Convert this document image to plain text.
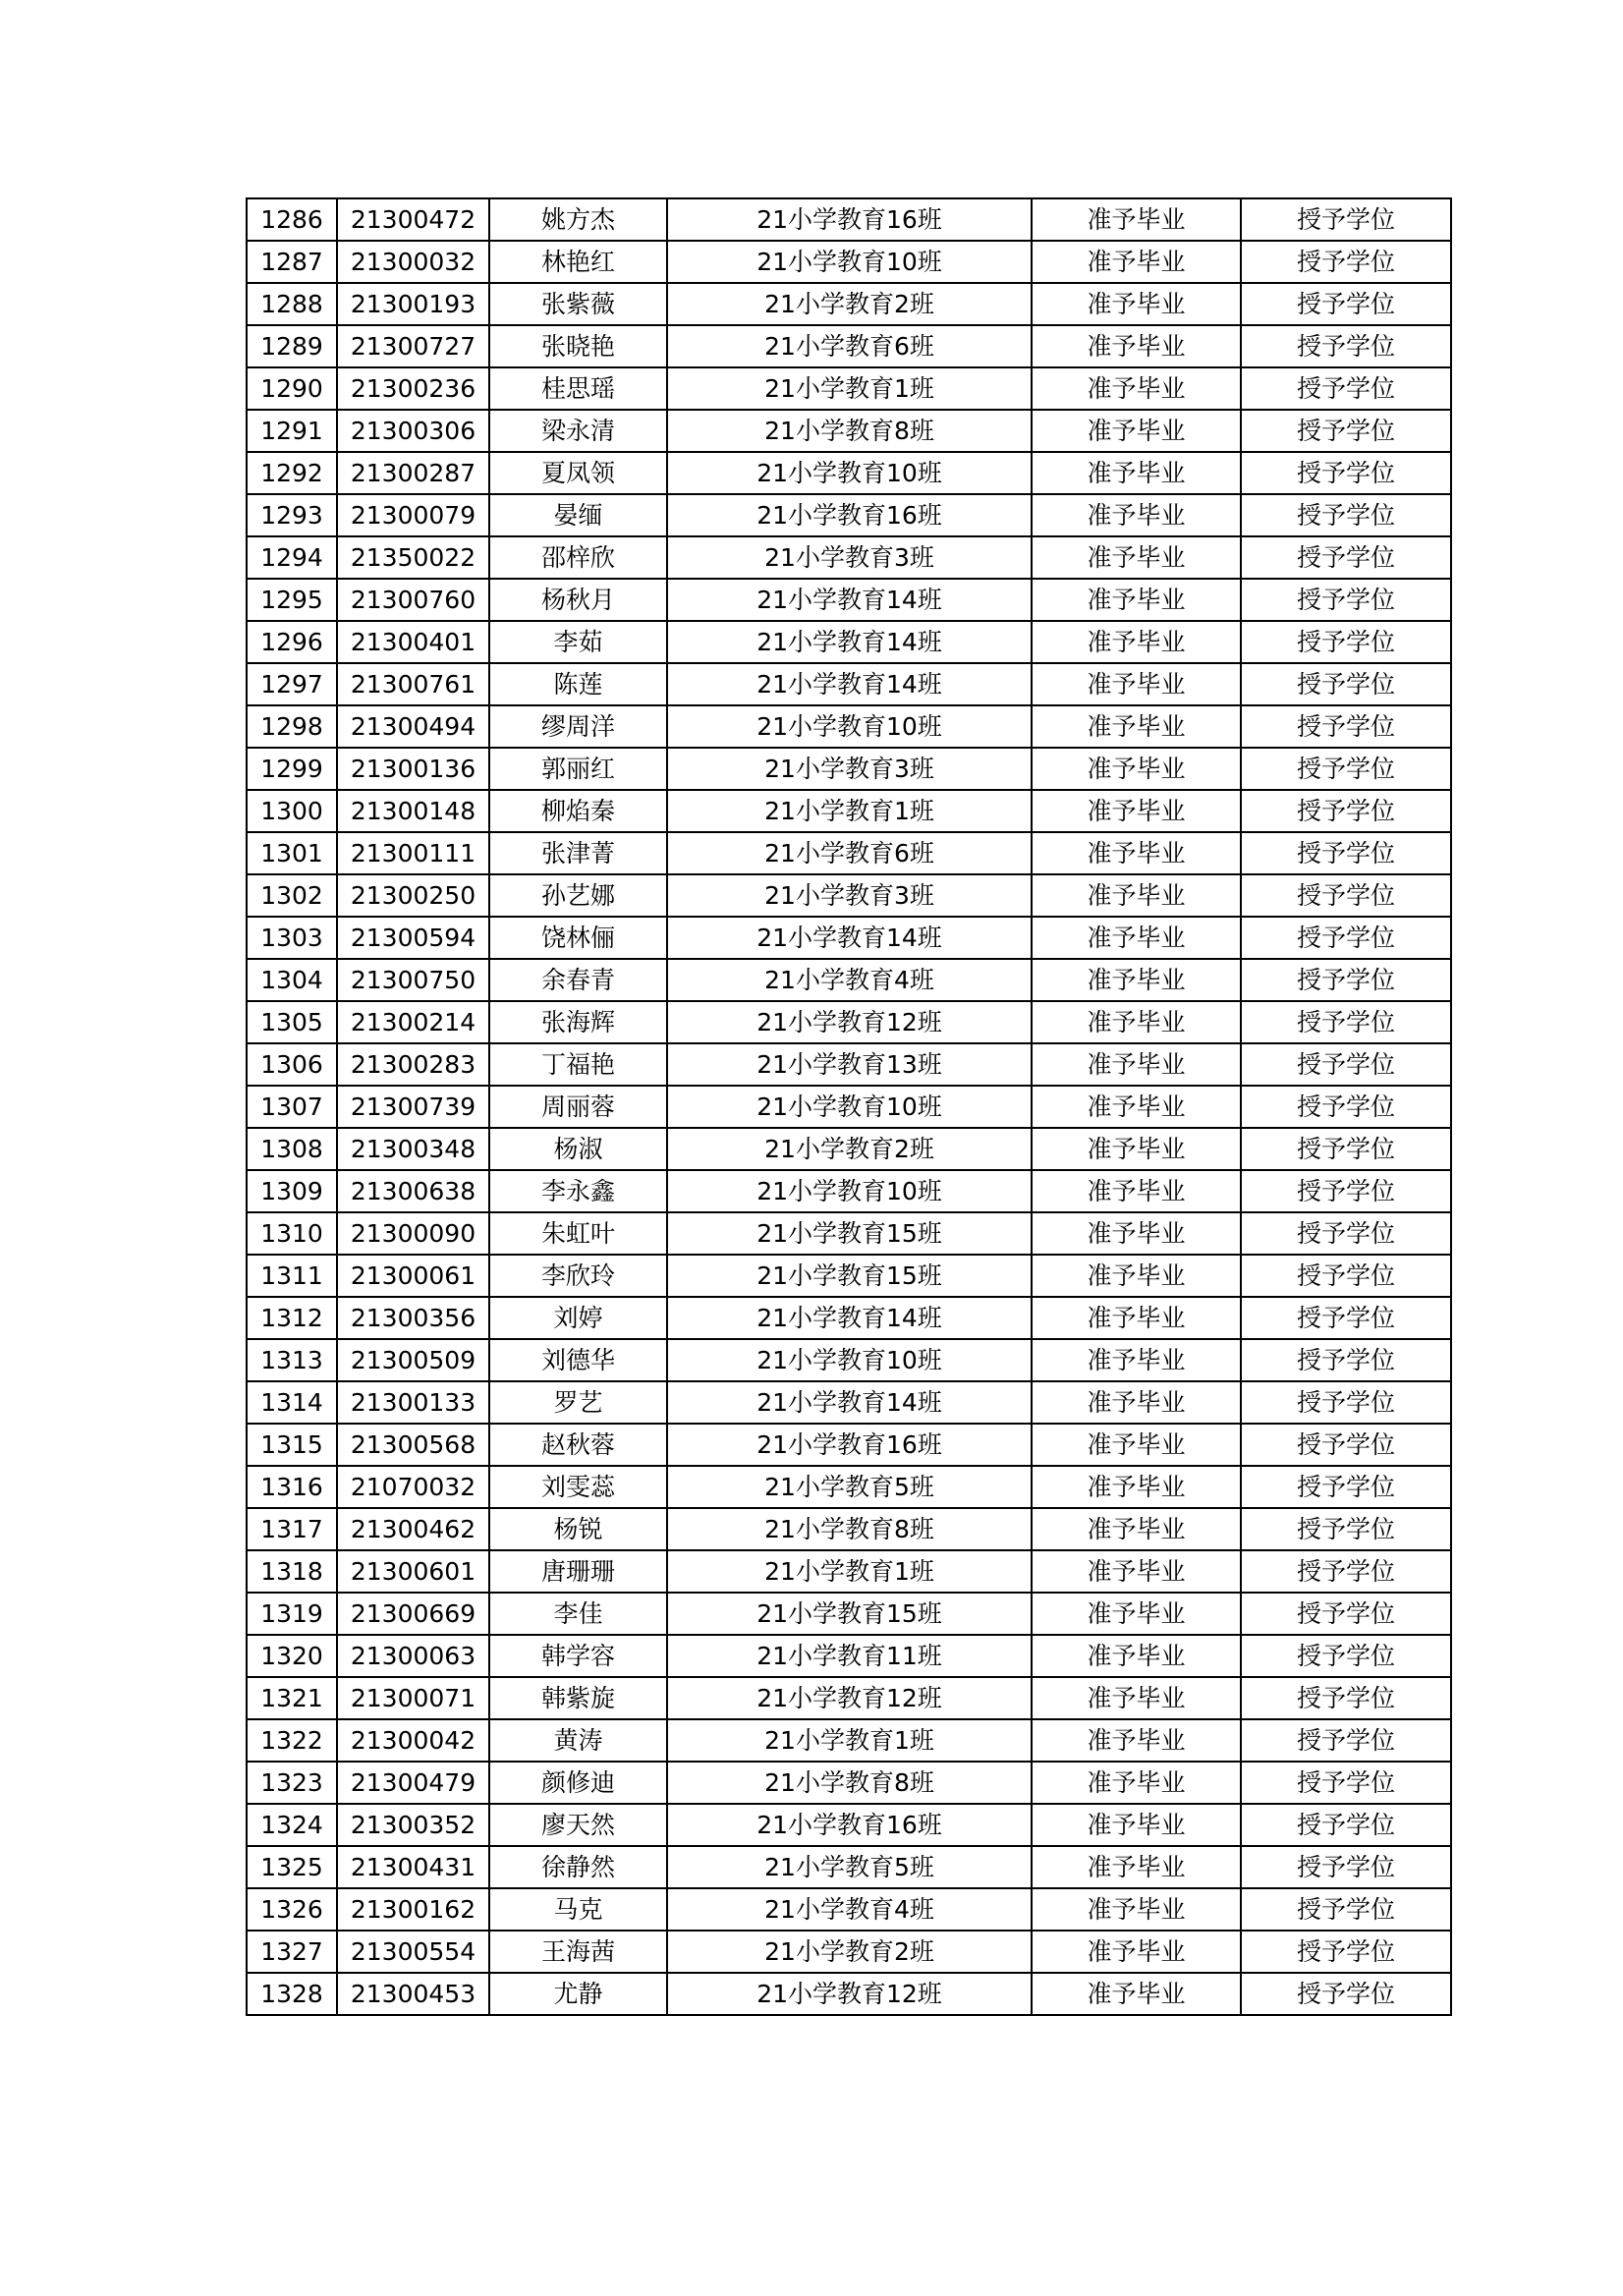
1286	21300472	姚方杰	21小学教育16班	准予毕业	授予学位
1287	21300032	林艳红	21小学教育10班	准予毕业	授予学位
1288	21300193	张紫薇	21小学教育2班	准予毕业	授予学位
1289	21300727	张晓艳	21小学教育6班	准予毕业	授予学位
1290	21300236	桂思瑶	21小学教育1班	准予毕业	授予学位
1291	21300306	梁永清	21小学教育8班	准予毕业	授予学位
1292	21300287	夏凤领	21小学教育10班	准予毕业	授予学位
1293	21300079	晏缅	21小学教育16班	准予毕业	授予学位
1294	21350022	邵梓欣	21小学教育3班	准予毕业	授予学位
1295	21300760	杨秋月	21小学教育14班	准予毕业	授予学位
1296	21300401	李茹	21小学教育14班	准予毕业	授予学位
1297	21300761	陈莲	21小学教育14班	准予毕业	授予学位
1298	21300494	缪周洋	21小学教育10班	准予毕业	授予学位
1299	21300136	郭丽红	21小学教育3班	准予毕业	授予学位
1300	21300148	柳焰秦	21小学教育1班	准予毕业	授予学位
1301	21300111	张津菁	21小学教育6班	准予毕业	授予学位
1302	21300250	孙艺娜	21小学教育3班	准予毕业	授予学位
1303	21300594	饶林俪	21小学教育14班	准予毕业	授予学位
1304	21300750	余春青	21小学教育4班	准予毕业	授予学位
1305	21300214	张海辉	21小学教育12班	准予毕业	授予学位
1306	21300283	丁福艳	21小学教育13班	准予毕业	授予学位
1307	21300739	周丽蓉	21小学教育10班	准予毕业	授予学位
1308	21300348	杨淑	21小学教育2班	准予毕业	授予学位
1309	21300638	李永鑫	21小学教育10班	准予毕业	授予学位
1310	21300090	朱虹叶	21小学教育15班	准予毕业	授予学位
1311	21300061	李欣玲	21小学教育15班	准予毕业	授予学位
1312	21300356	刘婷	21小学教育14班	准予毕业	授予学位
1313	21300509	刘德华	21小学教育10班	准予毕业	授予学位
1314	21300133	罗艺	21小学教育14班	准予毕业	授予学位
1315	21300568	赵秋蓉	21小学教育16班	准予毕业	授予学位
1316	21070032	刘雯蕊	21小学教育5班	准予毕业	授予学位
1317	21300462	杨锐	21小学教育8班	准予毕业	授予学位
1318	21300601	唐珊珊	21小学教育1班	准予毕业	授予学位
1319	21300669	李佳	21小学教育15班	准予毕业	授予学位
1320	21300063	韩学容	21小学教育11班	准予毕业	授予学位
1321	21300071	韩紫旋	21小学教育12班	准予毕业	授予学位
1322	21300042	黄涛	21小学教育1班	准予毕业	授予学位
1323	21300479	颜修迪	21小学教育8班	准予毕业	授予学位
1324	21300352	廖天然	21小学教育16班	准予毕业	授予学位
1325	21300431	徐静然	21小学教育5班	准予毕业	授予学位
1326	21300162	马克	21小学教育4班	准予毕业	授予学位
1327	21300554	王海茜	21小学教育2班	准予毕业	授予学位
1328	21300453	尤静	21小学教育12班	准予毕业	授予学位
